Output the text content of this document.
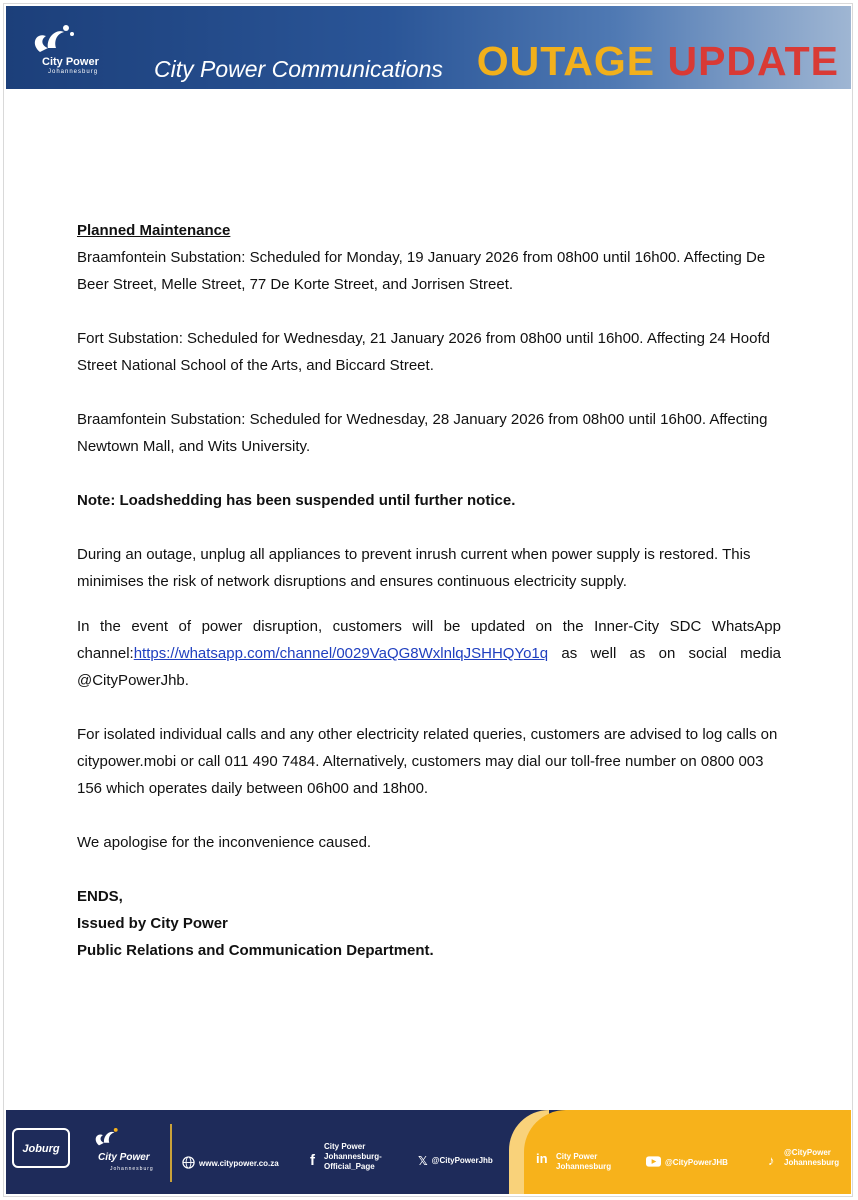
City Power
Johannesburg City Power Communications OUTAGE UPDATE
Planned Maintenance

Braamfontein Substation: Scheduled for Monday, 19 January 2026 from 08h00 until 16h00. Affecting De Beer Street, Melle Street, 77 De Korte Street, and Jorrisen Street.

Fort Substation: Scheduled for Wednesday, 21 January 2026 from 08h00 until 16h00. Affecting 24 Hoofd Street National School of the Arts, and Biccard Street.

Braamfontein Substation: Scheduled for Wednesday, 28 January 2026 from 08h00 until 16h00. Affecting Newtown Mall, and Wits University.

Note: Loadshedding has been suspended until further notice.

During an outage, unplug all appliances to prevent inrush current when power supply is restored. This minimises the risk of network disruptions and ensures continuous electricity supply.

In the event of power disruption, customers will be updated on the Inner-City SDC WhatsApp channel:https://whatsapp.com/channel/0029VaQG8WxlnlqJSHHQYo1q as well as on social media @CityPowerJhb.

For isolated individual calls and any other electricity related queries, customers are advised to log calls on citypower.mobi or call 011 490 7484. Alternatively, customers may dial our toll-free number on 0800 003 156 which operates daily between 06h00 and 18h00.

We apologise for the inconvenience caused.

ENDS,
Issued by City Power
Public Relations and Communication Department.
Joburg
City Power
Johannesburg
www.citypower.co.za f
City Power
Johannesburg-
Official_Page	𝕏 @CityPowerJhb	in City Power
Johannesburg	@CityPowerJHB	♪
@CityPower
Johannesburg
